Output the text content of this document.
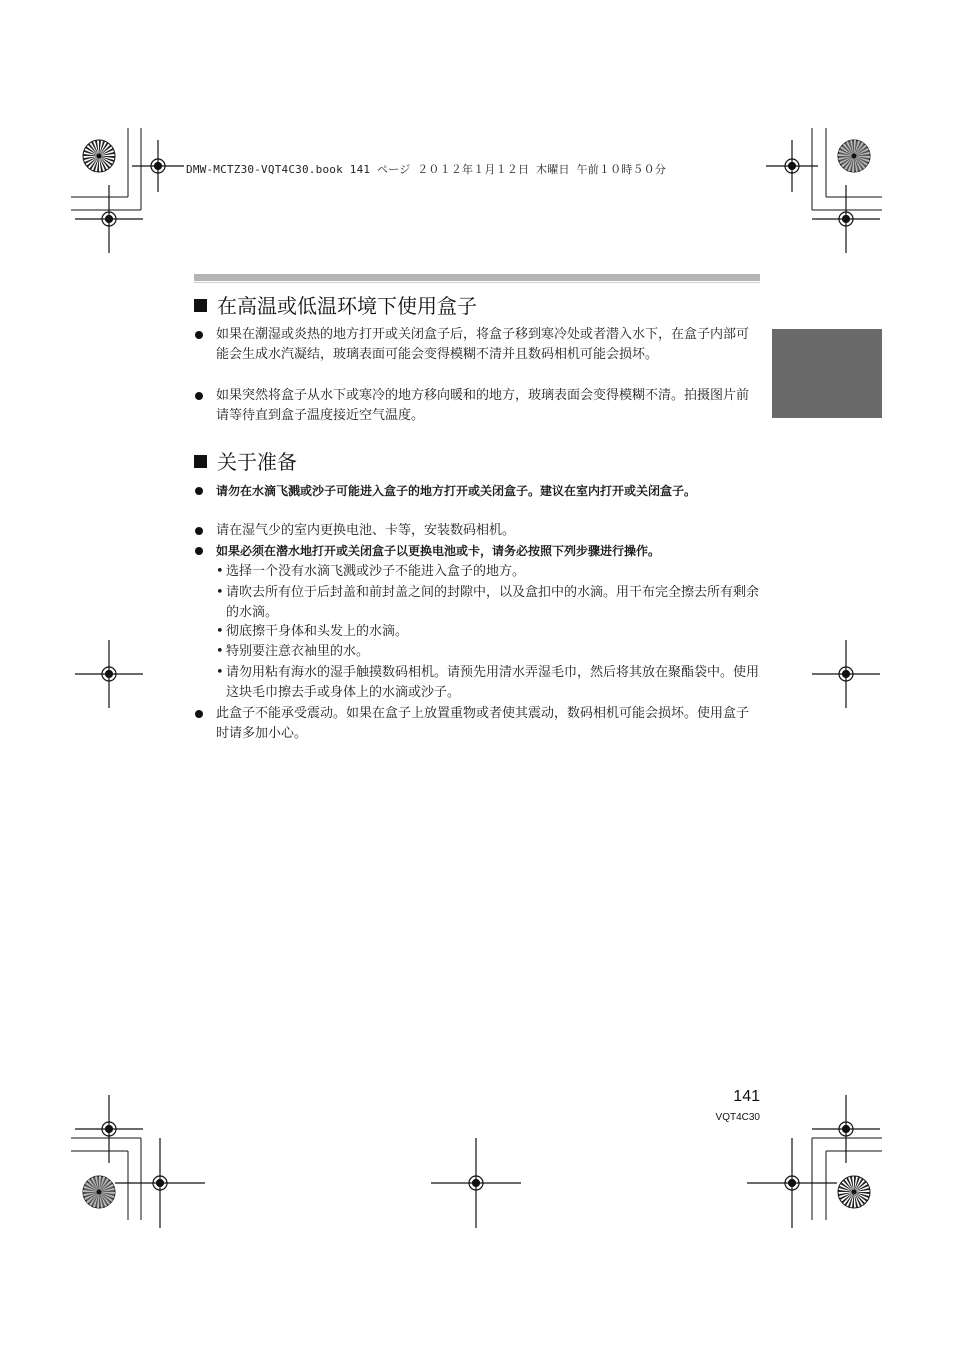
DMW-MCTZ30-VQT4C30.book 141 ページ ２０１２年１月１２日 木曜日 午前１０時５０分
在高温或低温环境下使用盒子
如果在潮湿或炎热的地方打开或关闭盒子后，将盒子移到寒冷处或者潜入水下，在盒子内部可能会生成水汽凝结，玻璃表面可能会变得模糊不清并且数码相机可能会损坏。
如果突然将盒子从水下或寒冷的地方移向暖和的地方，玻璃表面会变得模糊不清。拍摄图片前请等待直到盒子温度接近空气温度。
关于准备
请勿在水滴飞溅或沙子可能进入盒子的地方打开或关闭盒子。建议在室内打开或关闭盒子。
请在湿气少的室内更换电池、卡等，安装数码相机。
如果必须在潜水地打开或关闭盒子以更换电池或卡，请务必按照下列步骤进行操作。
• 选择一个没有水滴飞溅或沙子不能进入盒子的地方。
• 请吹去所有位于后封盖和前封盖之间的封隙中，以及盒扣中的水滴。用干布完全擦去所有剩余的水滴。
• 彻底擦干身体和头发上的水滴。
• 特别要注意衣袖里的水。
• 请勿用粘有海水的湿手触摸数码相机。请预先用清水弄湿毛巾，然后将其放在聚酯袋中。使用这块毛巾擦去手或身体上的水滴或沙子。
此盒子不能承受震动。如果在盒子上放置重物或者使其震动，数码相机可能会损坏。使用盒子时请多加小心。
141
VQT4C30
